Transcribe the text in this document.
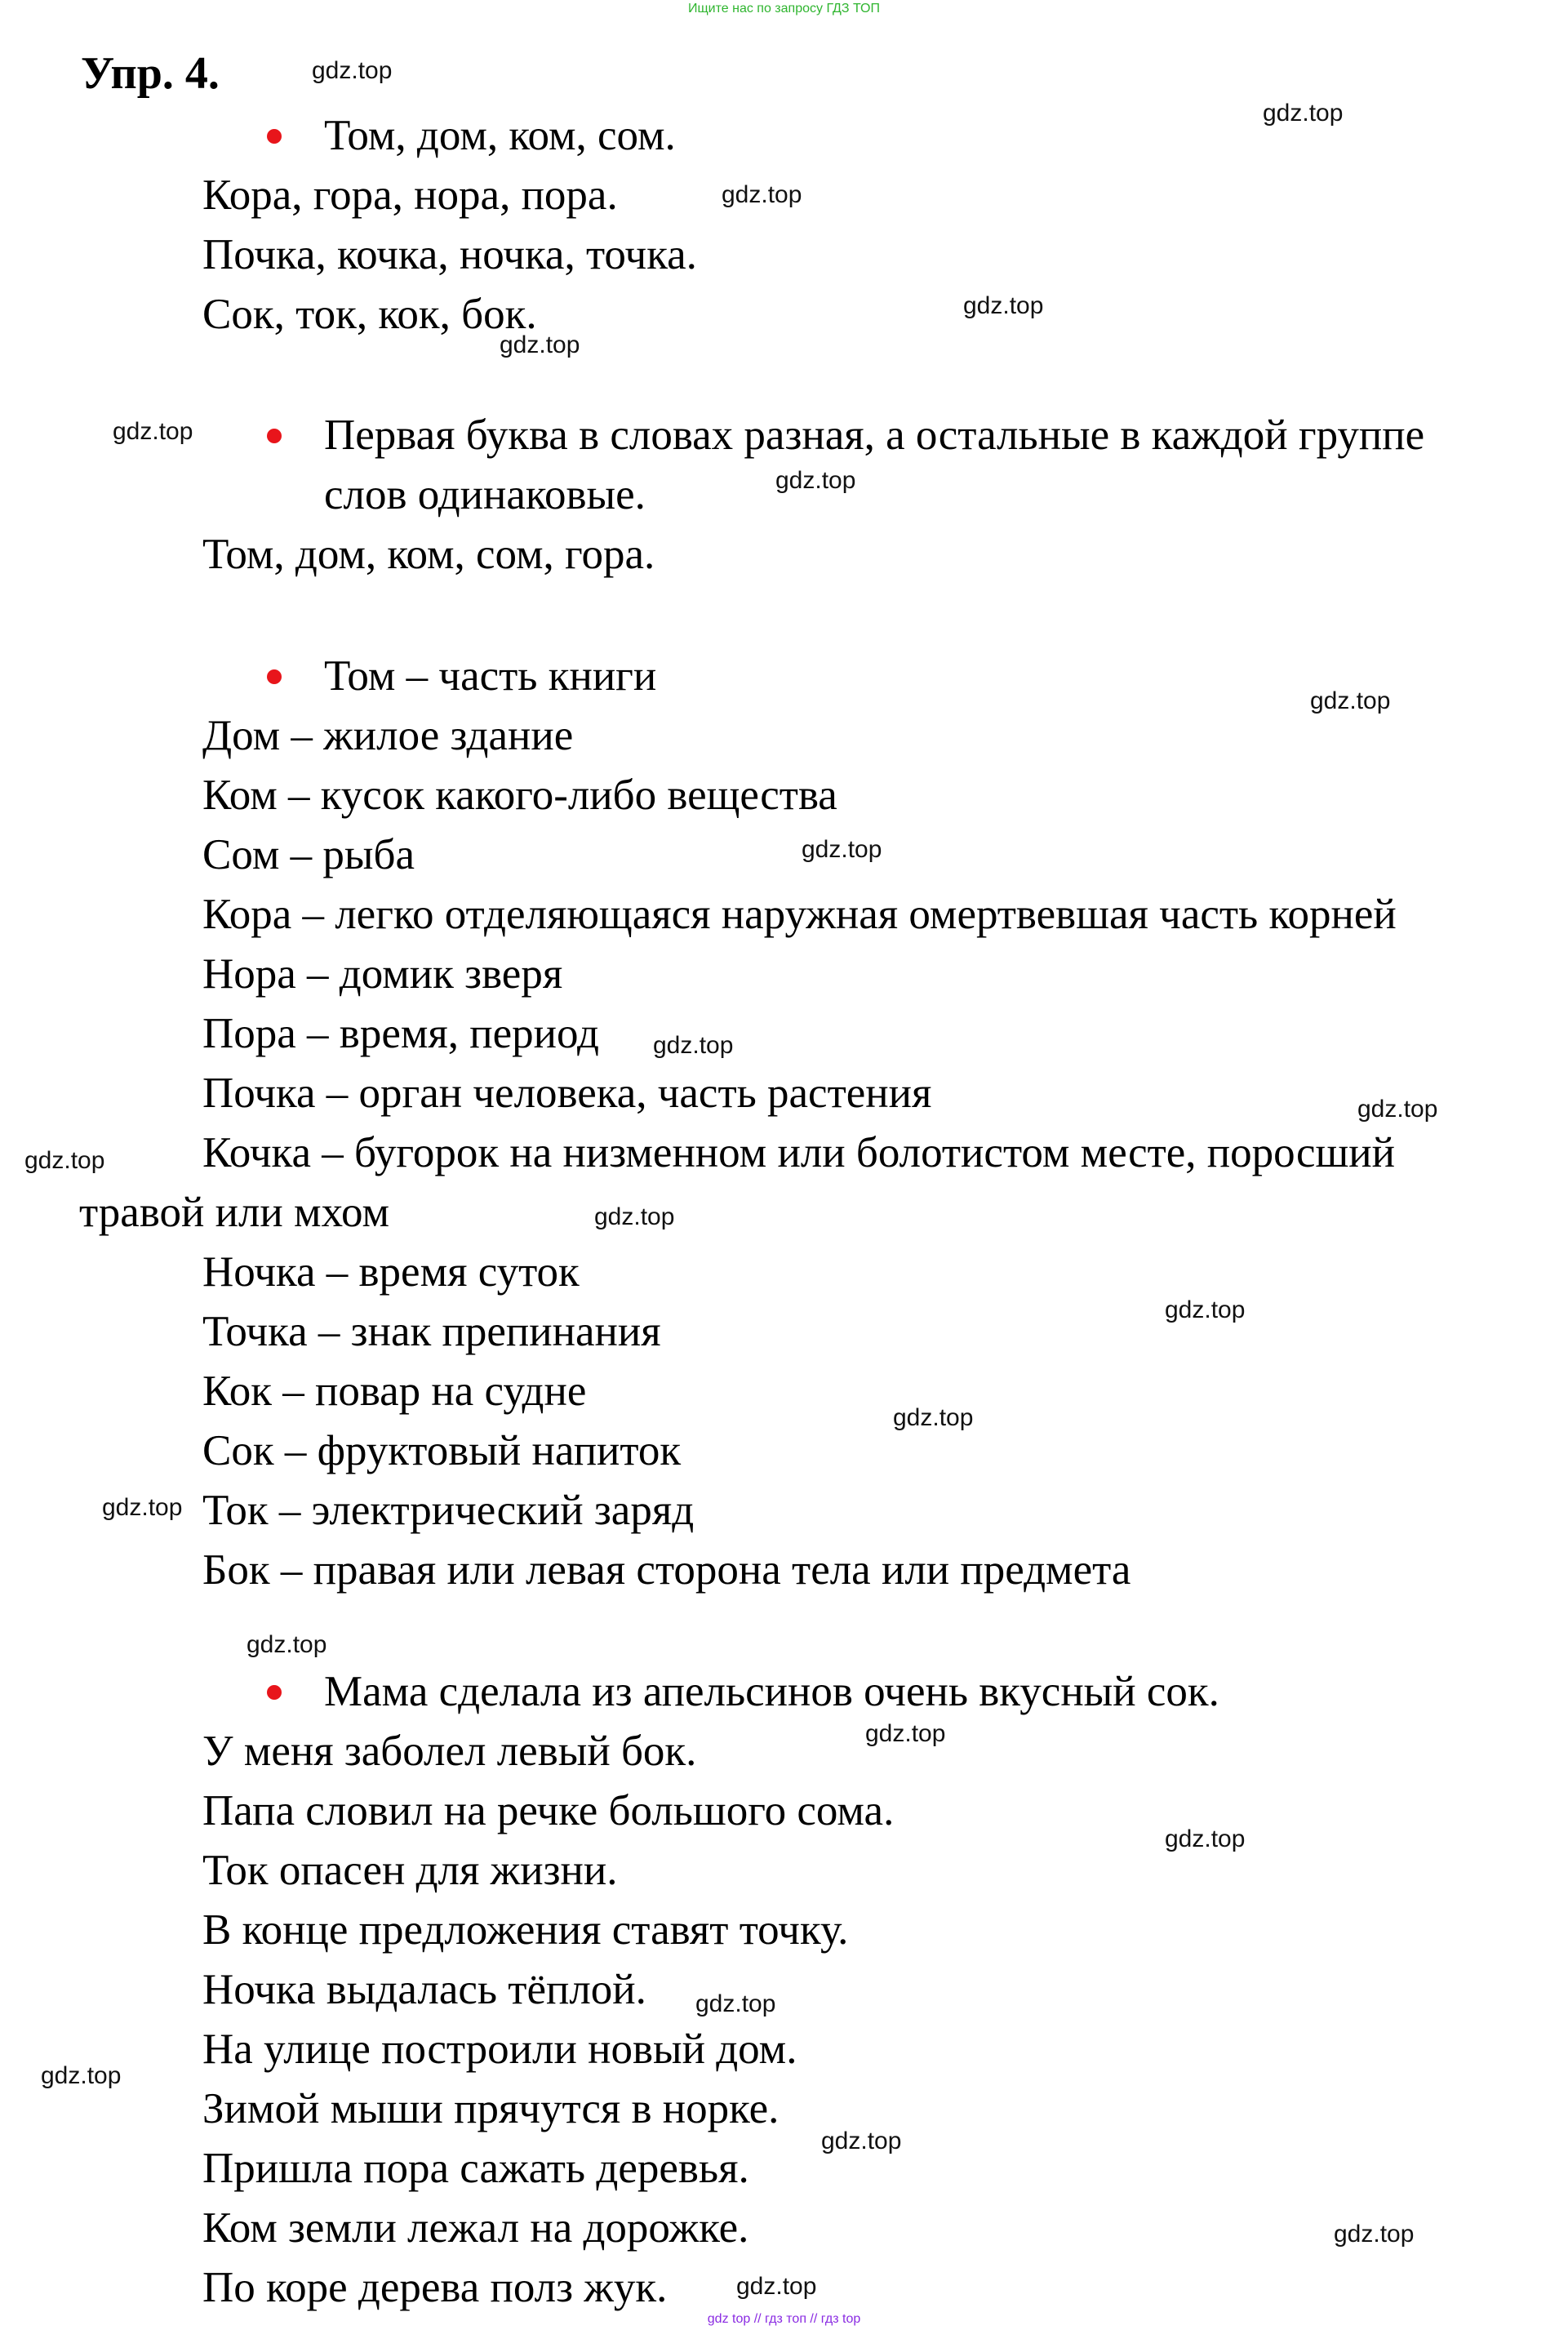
Ищите нас по запросу ГДЗ ТОП
Упр. 4.
Том, дом, ком, сом.
Кора, гора, нора, пора.
Почка, кочка, ночка, точка.
Сок, ток, кок, бок.
Первая буква в словах разная, а остальные в каждой группе
слов одинаковые.
Том, дом, ком, сом, гора.
Том – часть книги
Дом – жилое здание
Ком – кусок какого-либо вещества
Сом – рыба
Кора – легко отделяющаяся наружная омертвевшая часть корней
Нора – домик зверя
Пора – время, период
Почка – орган человека, часть растения
Кочка – бугорок на низменном или болотистом месте, поросший
травой или мхом
Ночка – время суток
Точка – знак препинания
Кок – повар на судне
Сок – фруктовый напиток
Ток – электрический заряд
Бок – правая или левая сторона тела или предмета
Мама сделала из апельсинов очень вкусный сок.
У меня заболел левый бок.
Папа словил на речке большого сома.
Ток опасен для жизни.
В конце предложения ставят точку.
Ночка выдалась тёплой.
На улице построили новый дом.
Зимой мыши прячутся в норке.
Пришла пора сажать деревья.
Ком земли лежал на дорожке.
По коре дерева полз жук.
gdz.top
gdz.top
gdz.top
gdz.top
gdz.top
gdz.top
gdz.top
gdz.top
gdz.top
gdz.top
gdz.top
gdz.top
gdz.top
gdz.top
gdz.top
gdz.top
gdz.top
gdz.top
gdz.top
gdz.top
gdz.top
gdz.top
gdz.top
gdz.top
gdz top // гдз топ // гдз top
